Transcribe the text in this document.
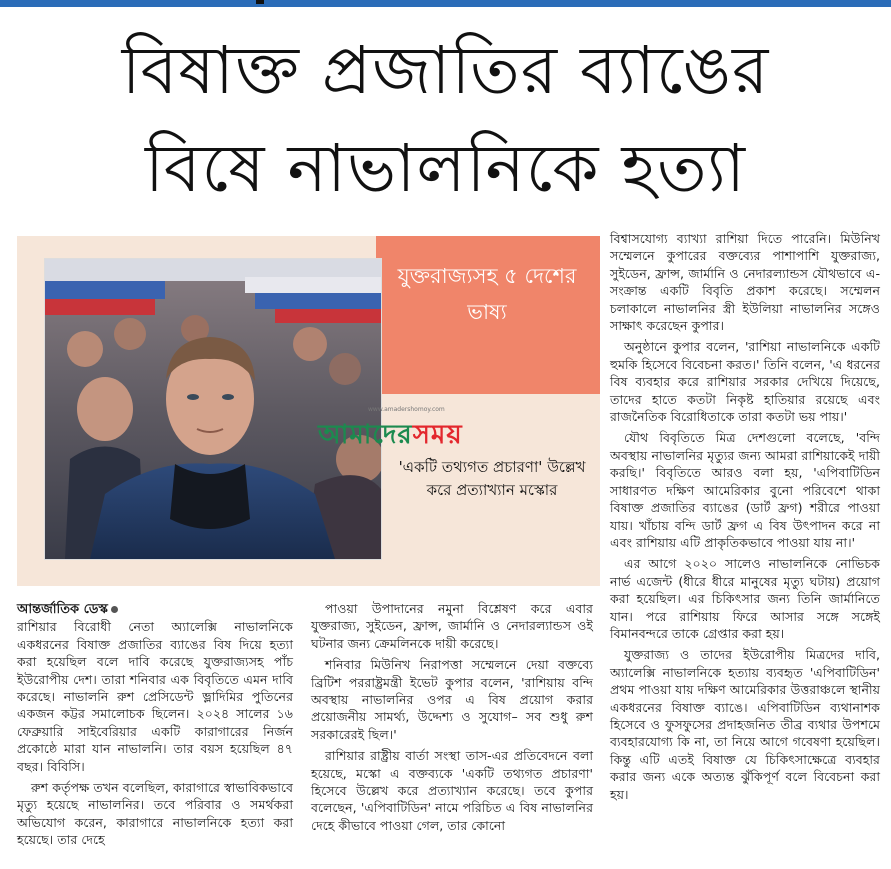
বিষাক্ত প্রজাতির ব্যাঙের
বিষে নাভালনিকে হত্যা
যুক্তরাজ্যসহ ৫ দেশের ভাষ্য
www.amadershomoy.com
আমাদেরসময়
'একটি তথ্যগত প্রচারণা' উল্লেখ করে প্রত্যাখ্যান মস্কোর

আন্তর্জাতিক ডেস্ক

রাশিয়ার বিরোধী নেতা অ্যালেক্সি নাভালনিকে একধরনের বিষাক্ত প্রজাতির ব্যাঙের বিষ দিয়ে হত্যা করা হয়েছিল বলে দাবি করেছে যুক্তরাজ্যসহ পাঁচ ইউরোপীয় দেশ। তারা শনিবার এক বিবৃতিতে এমন দাবি করেছে। নাভালনি রুশ প্রেসিডেন্ট ভ্লাদিমির পুতিনের একজন কট্টর সমালোচক ছিলেন। ২০২৪ সালের ১৬ ফেব্রুয়ারি সাইবেরিয়ার একটি কারাগারের নির্জন প্রকোষ্ঠে মারা যান নাভালনি। তার বয়স হয়েছিল ৪৭ বছর। বিবিসি।

রুশ কর্তৃপক্ষ তখন বলেছিল, কারাগারে স্বাভাবিকভাবে মৃত্যু হয়েছে নাভালনির। তবে পরিবার ও সমর্থকরা অভিযোগ করেন, কারাগারে নাভালনিকে হত্যা করা হয়েছে। তার দেহে

পাওয়া উপাদানের নমুনা বিশ্লেষণ করে এবার যুক্তরাজ্য, সুইডেন, ফ্রান্স, জার্মানি ও নেদারল্যান্ডস ওই ঘটনার জন্য ক্রেমলিনকে দায়ী করেছে।

শনিবার মিউনিখ নিরাপত্তা সম্মেলনে দেয়া বক্তব্যে ব্রিটিশ পররাষ্ট্রমন্ত্রী ইভেট কুপার বলেন, 'রাশিয়ায় বন্দি অবস্থায় নাভালনির ওপর এ বিষ প্রয়োগ করার প্রয়োজনীয় সামর্থ্য, উদ্দেশ্য ও সুযোগ– সব শুধু রুশ সরকারেরই ছিল।'

রাশিয়ার রাষ্ট্রীয় বার্তা সংস্থা তাস-এর প্রতিবেদনে বলা হয়েছে, মস্কো এ বক্তব্যকে 'একটি তথ্যগত প্রচারণা' হিসেবে উল্লেখ করে প্রত্যাখ্যান করেছে। তবে কুপার বলেছেন, 'এপিবাটিডিন' নামে পরিচিত এ বিষ নাভালনির দেহে কীভাবে পাওয়া গেল, তার কোনো

বিশ্বাসযোগ্য ব্যাখ্যা রাশিয়া দিতে পারেনি। মিউনিখ সম্মেলনে কুপারের বক্তব্যের পাশাপাশি যুক্তরাজ্য, সুইডেন, ফ্রান্স, জার্মানি ও নেদারল্যান্ডস যৌথভাবে এ-সংক্রান্ত একটি বিবৃতি প্রকাশ করেছে। সম্মেলন চলাকালে নাভালনির স্ত্রী ইউলিয়া নাভালনির সঙ্গেও সাক্ষাৎ করেছেন কুপার।

অনুষ্ঠানে কুপার বলেন, 'রাশিয়া নাভালনিকে একটি হুমকি হিসেবে বিবেচনা করত।' তিনি বলেন, 'এ ধরনের বিষ ব্যবহার করে রাশিয়ার সরকার দেখিয়ে দিয়েছে, তাদের হাতে কতটা নিকৃষ্ট হাতিয়ার রয়েছে এবং রাজনৈতিক বিরোধিতাকে তারা কতটা ভয় পায়।'

যৌথ বিবৃতিতে মিত্র দেশগুলো বলেছে, 'বন্দি অবস্থায় নাভালনির মৃত্যুর জন্য আমরা রাশিয়াকেই দায়ী করছি।' বিবৃতিতে আরও বলা হয়, 'এপিবাটিডিন সাধারণত দক্ষিণ আমেরিকার বুনো পরিবেশে থাকা বিষাক্ত প্রজাতির ব্যাঙের (ডার্ট ফ্রগ) শরীরে পাওয়া যায়। খাঁচায় বন্দি ডার্ট ফ্রগ এ বিষ উৎপাদন করে না এবং রাশিয়ায় এটি প্রাকৃতিকভাবে পাওয়া যায় না।'

এর আগে ২০২০ সালেও নাভালনিকে নোভিচক নার্ভ এজেন্ট (ধীরে ধীরে মানুষের মৃত্যু ঘটায়) প্রয়োগ করা হয়েছিল। এর চিকিৎসার জন্য তিনি জার্মানিতে যান। পরে রাশিয়ায় ফিরে আসার সঙ্গে সঙ্গেই বিমানবন্দরে তাকে গ্রেপ্তার করা হয়।

যুক্তরাজ্য ও তাদের ইউরোপীয় মিত্রদের দাবি, অ্যালেক্সি নাভালনিকে হত্যায় ব্যবহৃত 'এপিবাটিডিন' প্রথম পাওয়া যায় দক্ষিণ আমেরিকার উত্তরাঞ্চলে স্থানীয় একধরনের বিষাক্ত ব্যাঙে। এপিবাটিডিন ব্যথানাশক হিসেবে ও ফুসফুসের প্রদাহজনিত তীব্র ব্যথার উপশমে ব্যবহারযোগ্য কি না, তা নিয়ে আগে গবেষণা হয়েছিল। কিন্তু এটি এতই বিষাক্ত যে চিকিৎসাক্ষেত্রে ব্যবহার করার জন্য একে অত্যন্ত ঝুঁকিপূর্ণ বলে বিবেচনা করা হয়।
